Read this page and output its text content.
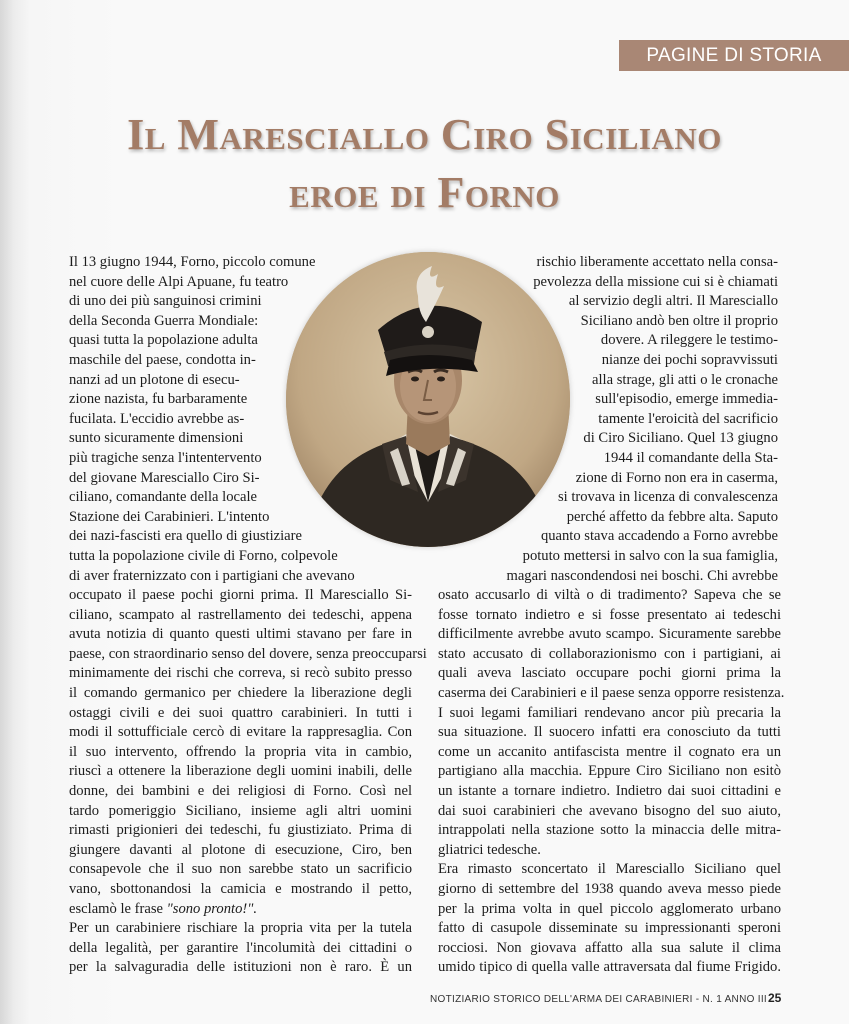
PAGINE DI STORIA
Il Maresciallo Ciro Siciliano
eroe di Forno
Il 13 giugno 1944, Forno, piccolo comune
nel cuore delle Alpi Apuane, fu teatro
di uno dei più sanguinosi crimini
della Seconda Guerra Mondiale:
quasi tutta la popolazione adulta
maschile del paese, condotta in-
nanzi ad un plotone di esecu-
zione nazista, fu barbaramente
fucilata. L'eccidio avrebbe as-
sunto sicuramente dimensioni
più tragiche senza l'intentervento
del giovane Maresciallo Ciro Si-
ciliano, comandante della locale
Stazione dei Carabinieri. L'intento
dei nazi-fascisti era quello di giustiziare
tutta la popolazione civile di Forno, colpevole
di aver fraternizzato con i partigiani che avevano
occupato il paese pochi giorni prima. Il Maresciallo Si-
ciliano, scampato al rastrellamento dei tedeschi, appena
avuta notizia di quanto questi ultimi stavano per fare in
paese, con straordinario senso del dovere, senza preoccuparsi
minimamente dei rischi che correva, si recò subito presso
il comando germanico per chiedere la liberazione degli
ostaggi civili e dei suoi quattro carabinieri. In tutti i
modi il sottufficiale cercò di evitare la rappresaglia. Con
il suo intervento, offrendo la propria vita in cambio,
riuscì a ottenere la liberazione degli uomini inabili, delle
donne, dei bambini e dei religiosi di Forno. Così nel
tardo pomeriggio Siciliano, insieme agli altri uomini
rimasti prigionieri dei tedeschi, fu giustiziato. Prima di
giungere davanti al plotone di esecuzione, Ciro, ben
consapevole che il suo non sarebbe stato un sacrificio
vano, sbottonandosi la camicia e mostrando il petto,
esclamò le frase "sono pronto!".
Per un carabiniere rischiare la propria vita per la tutela
della legalità, per garantire l'incolumità dei cittadini o
per la salvaguradia delle istituzioni non è raro. È un
rischio liberamente accettato nella consa-
pevolezza della missione cui si è chiamati
al servizio degli altri. Il Maresciallo
Siciliano andò ben oltre il proprio
dovere. A rileggere le testimo-
nianze dei pochi sopravvissuti
alla strage, gli atti o le cronache
sull'episodio, emerge immedia-
tamente l'eroicità del sacrificio
di Ciro Siciliano. Quel 13 giugno
1944 il comandante della Sta-
zione di Forno non era in caserma,
si trovava in licenza di convalescenza
perché affetto da febbre alta. Saputo
quanto stava accadendo a Forno avrebbe
potuto mettersi in salvo con la sua famiglia,
magari nascondendosi nei boschi. Chi avrebbe
osato accusarlo di viltà o di tradimento? Sapeva che se
fosse tornato indietro e si fosse presentato ai tedeschi
difficilmente avrebbe avuto scampo. Sicuramente sarebbe
stato accusato di collaborazionismo con i partigiani, ai
quali aveva lasciato occupare pochi giorni prima la
caserma dei Carabinieri e il paese senza opporre resistenza.
I suoi legami familiari rendevano ancor più precaria la
sua situazione. Il suocero infatti era conosciuto da tutti
come un accanito antifascista mentre il cognato era un
partigiano alla macchia. Eppure Ciro Siciliano non esitò
un istante a tornare indietro. Indietro dai suoi cittadini e
dai suoi carabinieri che avevano bisogno del suo aiuto,
intrappolati nella stazione sotto la minaccia delle mitra-
gliatrici tedesche.
Era rimasto sconcertato il Maresciallo Siciliano quel
giorno di settembre del 1938 quando aveva messo piede
per la prima volta in quel piccolo agglomerato urbano
fatto di casupole disseminate su impressionanti speroni
rocciosi. Non giovava affatto alla sua salute il clima
umido tipico di quella valle attraversata dal fiume Frigido.
NOTIZIARIO STORICO DELL'ARMA DEI CARABINIERI - N. 1 ANNO III 25
